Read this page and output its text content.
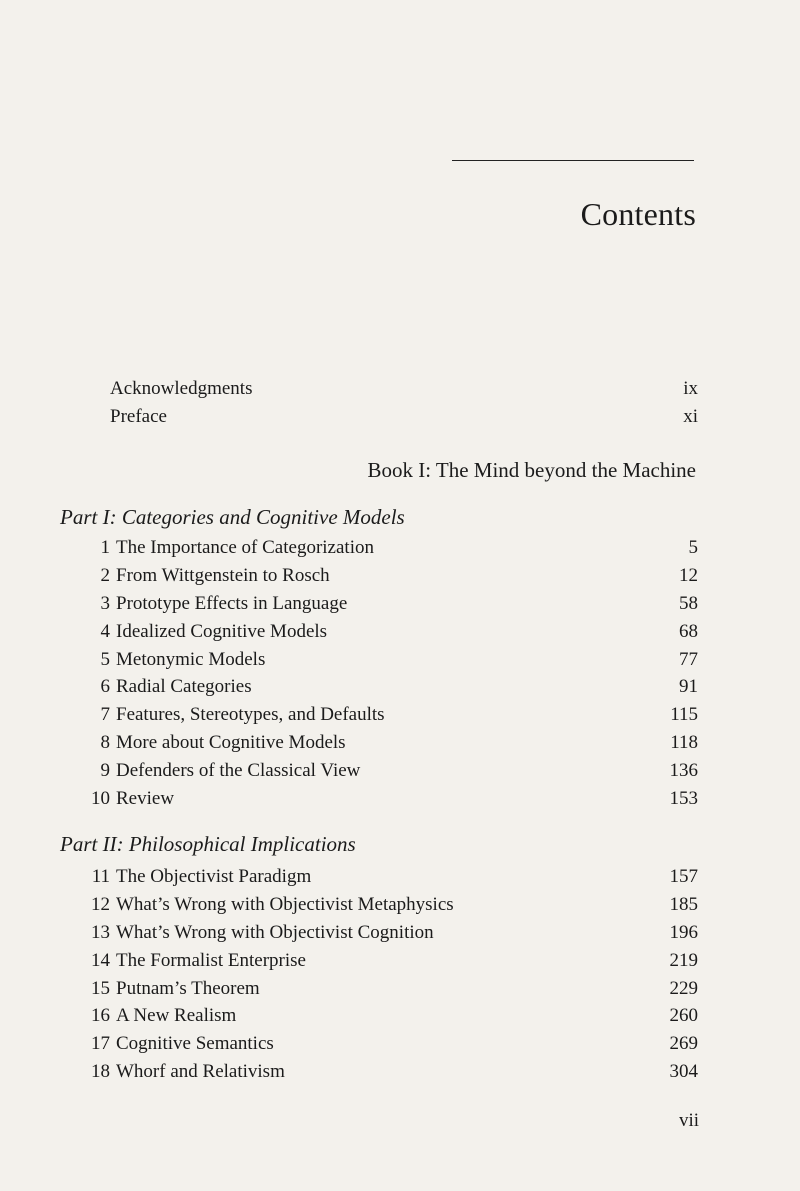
Contents
Acknowledgments	ix
Preface	xi
Book I: The Mind beyond the Machine
Part I: Categories and Cognitive Models
1 The Importance of Categorization	5
2 From Wittgenstein to Rosch	12
3 Prototype Effects in Language	58
4 Idealized Cognitive Models	68
5 Metonymic Models	77
6 Radial Categories	91
7 Features, Stereotypes, and Defaults	115
8 More about Cognitive Models	118
9 Defenders of the Classical View	136
10 Review	153
Part II: Philosophical Implications
11 The Objectivist Paradigm	157
12 What’s Wrong with Objectivist Metaphysics	185
13 What’s Wrong with Objectivist Cognition	196
14 The Formalist Enterprise	219
15 Putnam’s Theorem	229
16 A New Realism	260
17 Cognitive Semantics	269
18 Whorf and Relativism	304
vii
